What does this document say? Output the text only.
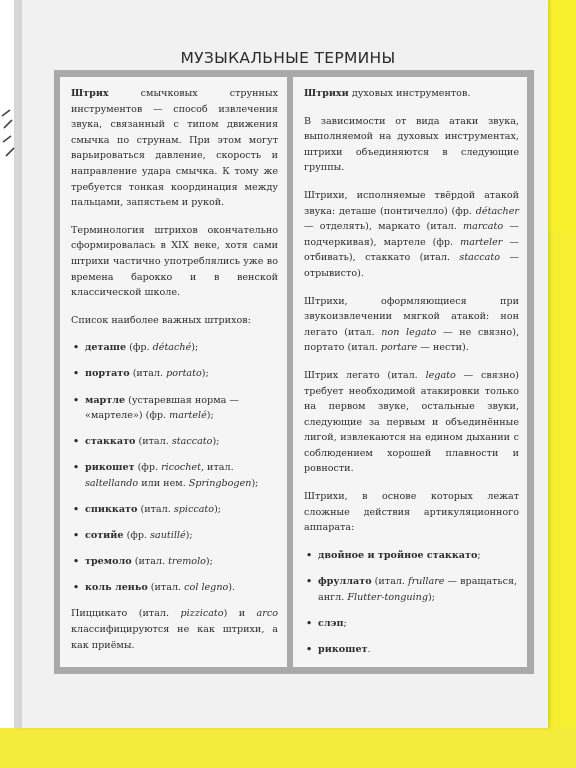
МУЗЫКАЛЬНЫЕ ТЕРМИНЫ

Штрих смычковых струнных инструментов — способ извлечения звука, связанный с типом движения смычка по струнам. При этом могут варьироваться давление, скорость и направление удара смычка. К тому же требуется тонкая координация между пальцами, запястьем и рукой.

Терминология штрихов окончательно сформировалась в XIX веке, хотя сами штрихи частично употреблялись уже во времена барокко и в венской классической школе.

Список наиболее важных штрихов:

• деташе (фр. détaché);
• портато (итал. portato);
• мартле (устаревшая норма — «мартеле») (фр. martelé);
• стаккато (итал. staccato);
• рикошет (фр. ricochet, итал. saltellando или нем. Springbogen);
• спиккато (итал. spiccato);
• сотийе (фр. sautillé);
• тремоло (итал. tremolo);
• коль леньо (итал. col legno).

Пиццикато (итал. pizzicato) и arco классифицируются не как штрихи, а как приёмы.

Штрихи духовых инструментов.

В зависимости от вида атаки звука, выполняемой на духовых инструментах, штрихи объединяются в следующие группы.

Штрихи, исполняемые твёрдой атакой звука: деташе (понтичелло) (фр. détacher — отделять), маркато (итал. marcato — подчеркивая), мартеле (фр. marteler — отбивать), стаккато (итал. staccato — отрывисто).

Штрихи, оформляющиеся при звукоизвлечении мягкой атакой: нон легато (итал. non legato — не связно), портато (итал. portare — нести).

Штрих легато (итал. legato — связно) требует необходимой атакировки только на первом звуке, остальные звуки, следующие за первым и объединённые лигой, извлекаются на едином дыхании с соблюдением хорошей плавности и ровности.

Штрихи, в основе которых лежат сложные действия артикуляционного аппарата:

• двойное и тройное стаккато;
• фруллато (итал. frullare — вращаться, англ. Flutter-tonguing);
• слэп;
• рикошет.
